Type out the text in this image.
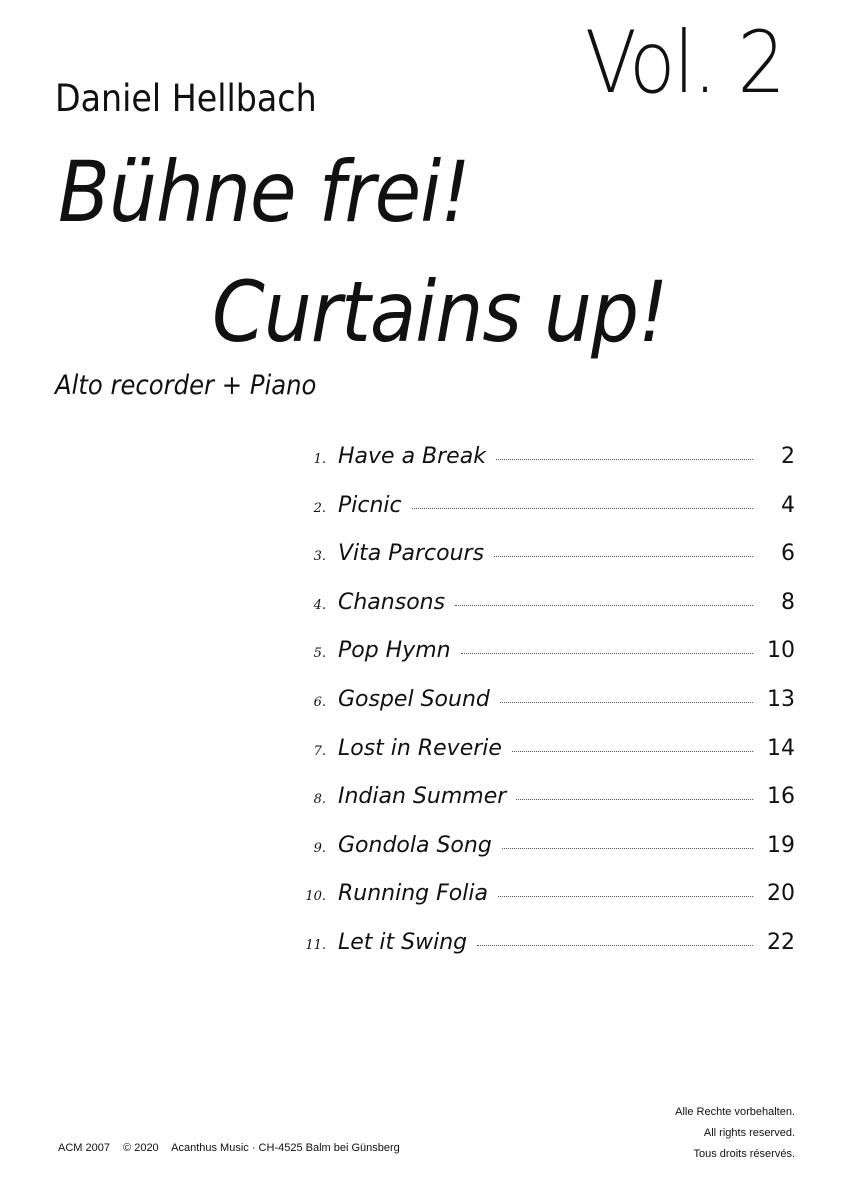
Vol. 2
Daniel Hellbach
Bühne frei!
Curtains up!
Alto recorder + Piano
1. Have a Break	2
2. Picnic	4
3. Vita Parcours	6
4. Chansons	8
5. Pop Hymn	10
6. Gospel Sound	13
7. Lost in Reverie	14
8. Indian Summer	16
9. Gondola Song	19
10. Running Folia	20
11. Let it Swing	22
Alle Rechte vorbehalten.
All rights reserved.
Tous droits réservés.
ACM 2007 © 2020 Acanthus Music · CH-4525 Balm bei Günsberg
